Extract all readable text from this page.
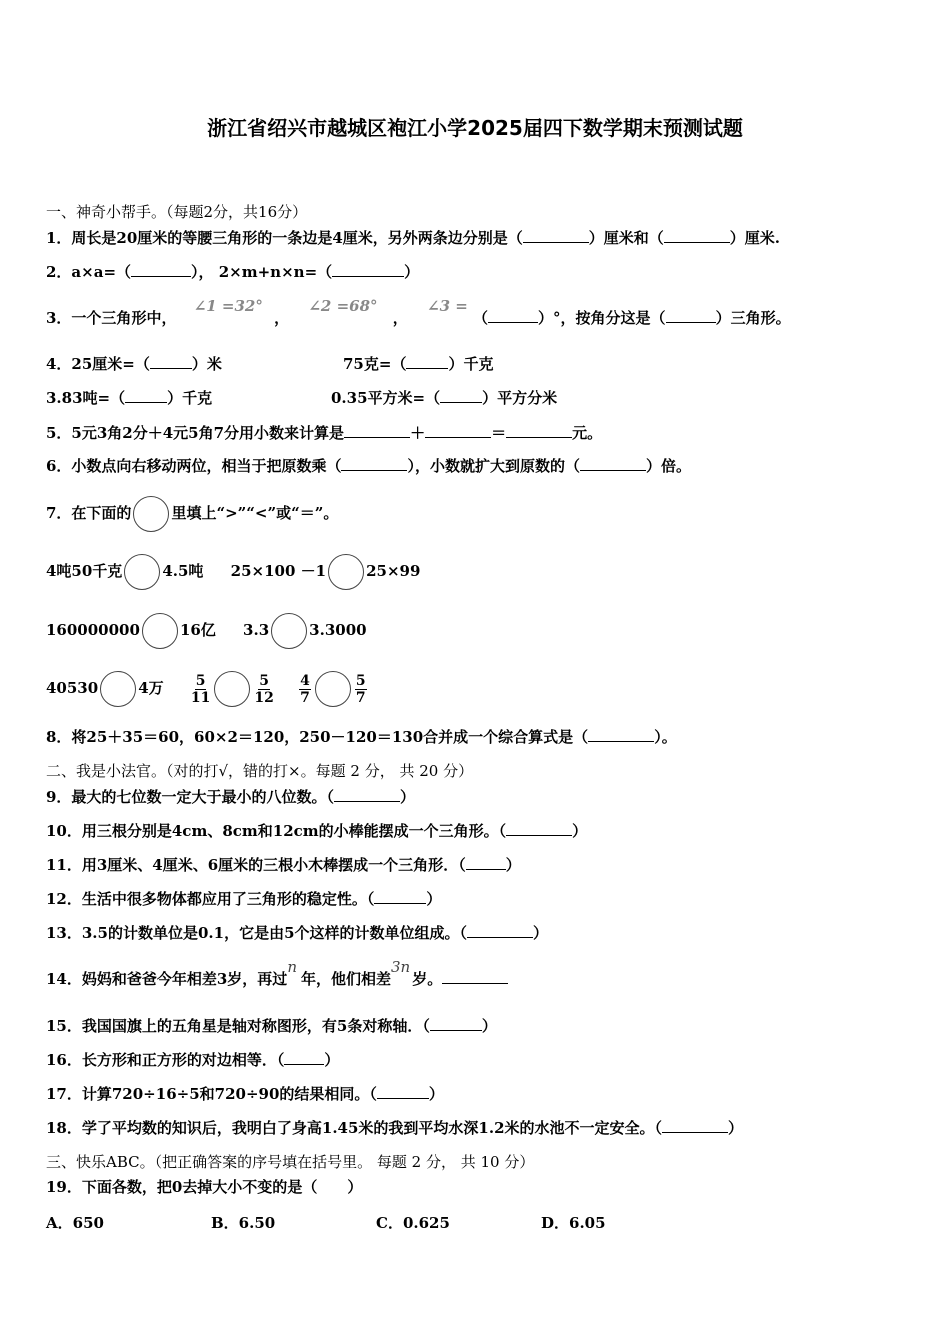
浙江省绍兴市越城区袍江小学2025届四下数学期末预测试题
一、神奇小帮手。（每题2分，共16分）
1．周长是20厘米的等腰三角形的一条边是4厘米，另外两条边分别是（	）厘米和（	）厘米.
2．a×a=（	）， 2×m+n×n=（	）
3．一个三角形中， ∠1 =32° ， ∠2 =68° ， ∠3 = （	）°，按角分这是（	）三角形。
4．25厘米=（	）米	75克=（	）千克
3.83吨=（	）千克	0.35平方米=（	）平方分米
5．5元3角2分＋4元5角7分用小数来计算是	＋	＝	元。
6．小数点向右移动两位，相当于把原数乘（	），小数就扩大到原数的（	）倍。
7．在下面的	里填上“>”“<”或“＝”。
4吨50千克	4.5吨 25×100 －1	25×99
160000000	16亿 3.3	3.3000
40530	4万 $\frac{5}{11}$	$\frac{5}{12}$
$\frac{4}{7}$	$\frac{5}{7}$
8．将25＋35＝60，60×2＝120，250－120＝130合并成一个综合算式是（	）。
二、我是小法官。（对的打√，错的打×。每题 2 分， 共 20 分）
9．最大的七位数一定大于最小的八位数。（	）
10．用三根分别是4cm、8cm和12cm的小棒能摆成一个三角形。（	）
11．用3厘米、4厘米、6厘米的三根小木棒摆成一个三角形．（	）
12．生活中很多物体都应用了三角形的稳定性。（	）
13．3.5的计数单位是0.1，它是由5个这样的计数单位组成。（	）
14．妈妈和爸爸今年相差3岁，再过n年，他们相差3n岁。
15．我国国旗上的五角星是轴对称图形，有5条对称轴．（	）
16．长方形和正方形的对边相等．（	）
17．计算720÷16÷5和720÷90的结果相同。（	）
18．学了平均数的知识后，我明白了身高1.45米的我到平均水深1.2米的水池不一定安全。（	）
三、快乐ABC。（把正确答案的序号填在括号里。 每题 2 分， 共 10 分）
19．下面各数，把0去掉大小不变的是（　　）
A．650	B．6.50	C．0.625	D．6.05
